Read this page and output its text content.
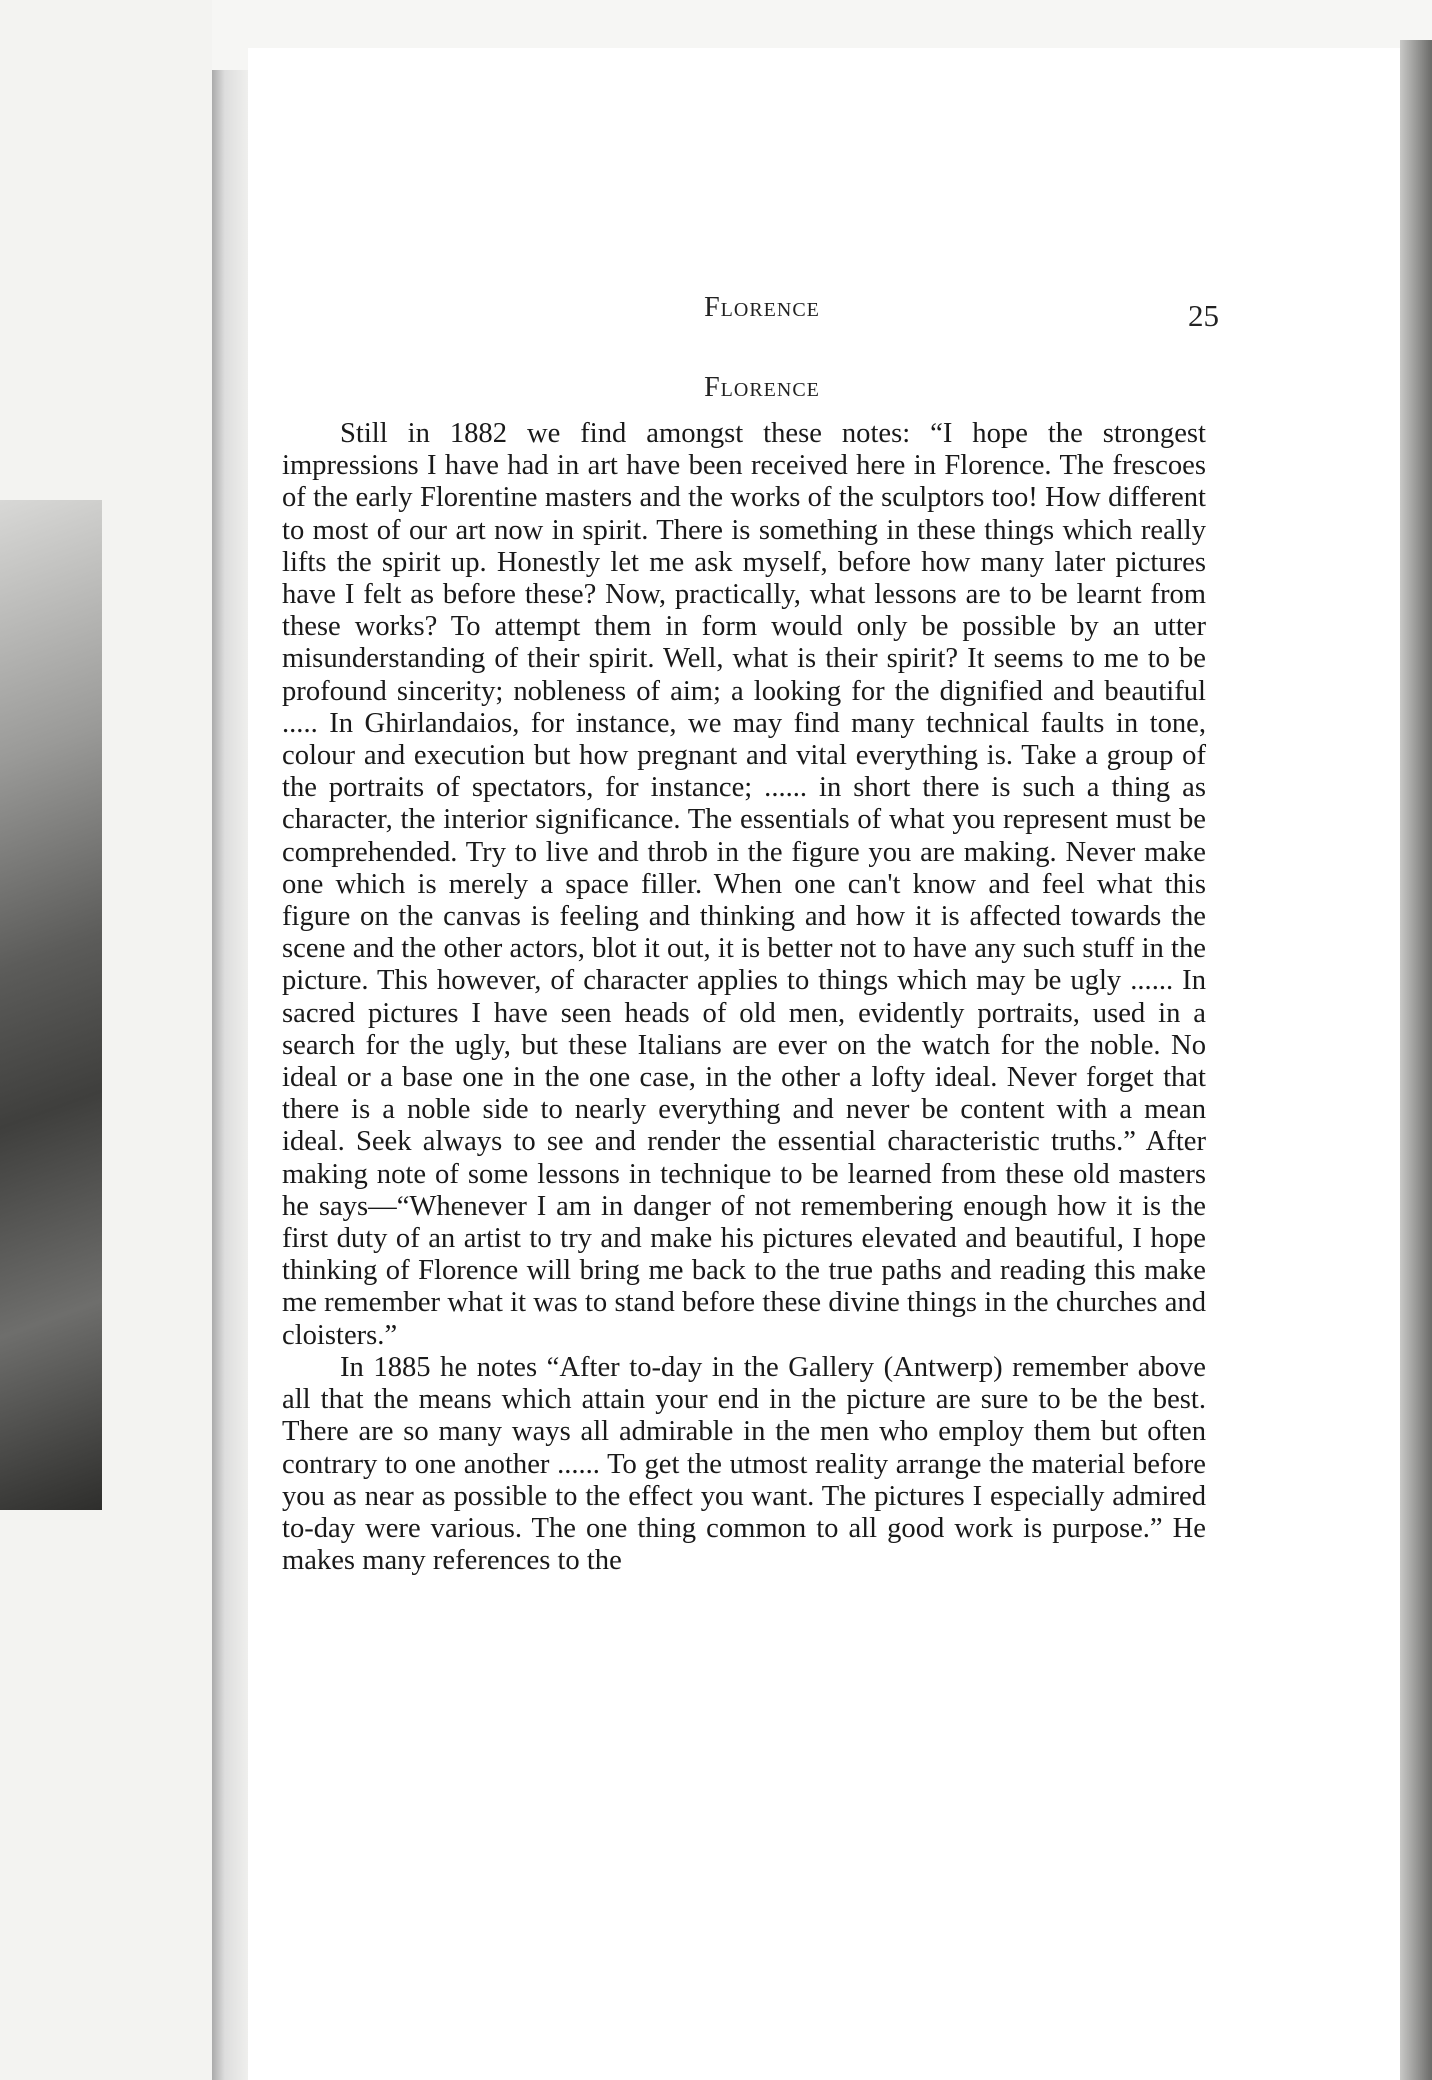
Florence	25
Florence

Still in 1882 we find amongst these notes: “I hope the strongest impressions I have had in art have been received here in Florence. The frescoes of the early Florentine masters and the works of the sculptors too! How different to most of our art now in spirit. There is something in these things which really lifts the spirit up. Honestly let me ask myself, before how many later pictures have I felt as before these? Now, practically, what lessons are to be learnt from these works? To attempt them in form would only be possible by an utter misunderstanding of their spirit. Well, what is their spirit? It seems to me to be profound sincerity; nobleness of aim; a looking for the dignified and beautiful ..... In Ghirlandaios, for instance, we may find many technical faults in tone, colour and execution but how pregnant and vital everything is. Take a group of the portraits of spectators, for instance; ...... in short there is such a thing as character, the interior significance. The essentials of what you represent must be comprehended. Try to live and throb in the figure you are making. Never make one which is merely a space filler. When one can't know and feel what this figure on the canvas is feeling and thinking and how it is affected towards the scene and the other actors, blot it out, it is better not to have any such stuff in the picture. This however, of character applies to things which may be ugly ...... In sacred pictures I have seen heads of old men, evidently portraits, used in a search for the ugly, but these Italians are ever on the watch for the noble. No ideal or a base one in the one case, in the other a lofty ideal. Never forget that there is a noble side to nearly everything and never be content with a mean ideal. Seek always to see and render the essential characteristic truths.” After making note of some lessons in technique to be learned from these old masters he says—“Whenever I am in danger of not remembering enough how it is the first duty of an artist to try and make his pictures elevated and beautiful, I hope thinking of Florence will bring me back to the true paths and reading this make me remember what it was to stand before these divine things in the churches and cloisters.”

In 1885 he notes “After to-day in the Gallery (Antwerp) remember above all that the means which attain your end in the picture are sure to be the best. There are so many ways all admirable in the men who employ them but often contrary to one another ...... To get the utmost reality arrange the material before you as near as possible to the effect you want. The pictures I especially admired to-day were various. The one thing common to all good work is purpose.” He makes many references to the
